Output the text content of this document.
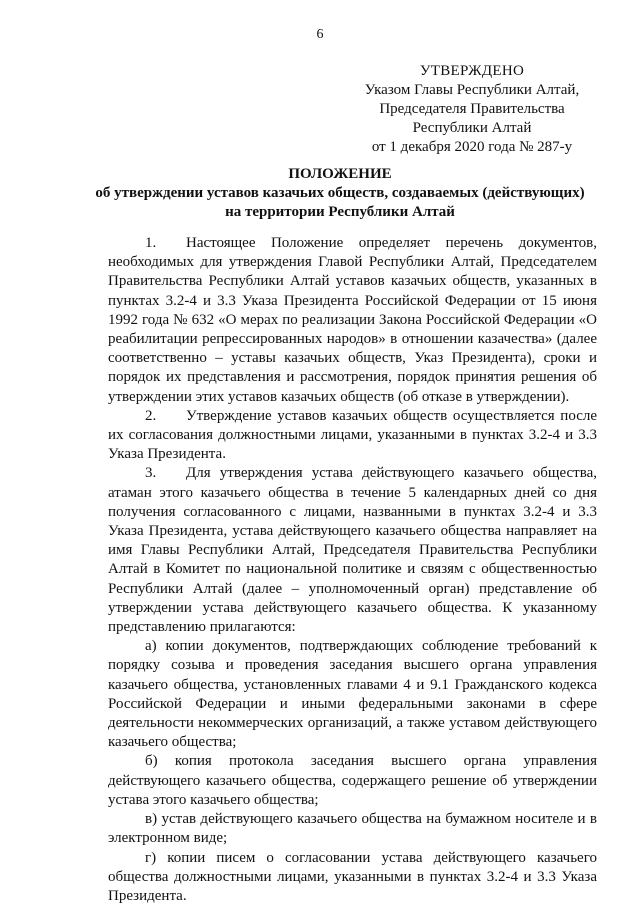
6
УТВЕРЖДЕНО
Указом Главы Республики Алтай,
Председателя Правительства
Республики Алтай
от 1 декабря 2020 года № 287-у
ПОЛОЖЕНИЕ
об утверждении уставов казачьих обществ, создаваемых (действующих)
на территории Республики Алтай

1. Настоящее Положение определяет перечень документов, необходимых для утверждения Главой Республики Алтай, Председателем Правительства Республики Алтай уставов казачьих обществ, указанных в пунктах 3.2-4 и 3.3 Указа Президента Российской Федерации от 15 июня 1992 года № 632 «О мерах по реализации Закона Российской Федерации «О реабилитации репрессированных народов» в отношении казачества» (далее соответственно – уставы казачьих обществ, Указ Президента), сроки и порядок их представления и рассмотрения, порядок принятия решения об утверждении этих уставов казачьих обществ (об отказе в утверждении).

2. Утверждение уставов казачьих обществ осуществляется после их согласования должностными лицами, указанными в пунктах 3.2-4 и 3.3 Указа Президента.

3. Для утверждения устава действующего казачьего общества, атаман этого казачьего общества в течение 5 календарных дней со дня получения согласованного с лицами, названными в пунктах 3.2-4 и 3.3 Указа Президента, устава действующего казачьего общества направляет на имя Главы Республики Алтай, Председателя Правительства Республики Алтай в Комитет по национальной политике и связям с общественностью Республики Алтай (далее – уполномоченный орган) представление об утверждении устава действующего казачьего общества. К указанному представлению прилагаются:

а) копии документов, подтверждающих соблюдение требований к порядку созыва и проведения заседания высшего органа управления казачьего общества, установленных главами 4 и 9.1 Гражданского кодекса Российской Федерации и иными федеральными законами в сфере деятельности некоммерческих организаций, а также уставом действующего казачьего общества;

б) копия протокола заседания высшего органа управления действующего казачьего общества, содержащего решение об утверждении устава этого казачьего общества;

в) устав действующего казачьего общества на бумажном носителе и в электронном виде;

г) копии писем о согласовании устава действующего казачьего общества должностными лицами, указанными в пунктах 3.2-4 и 3.3 Указа Президента.
